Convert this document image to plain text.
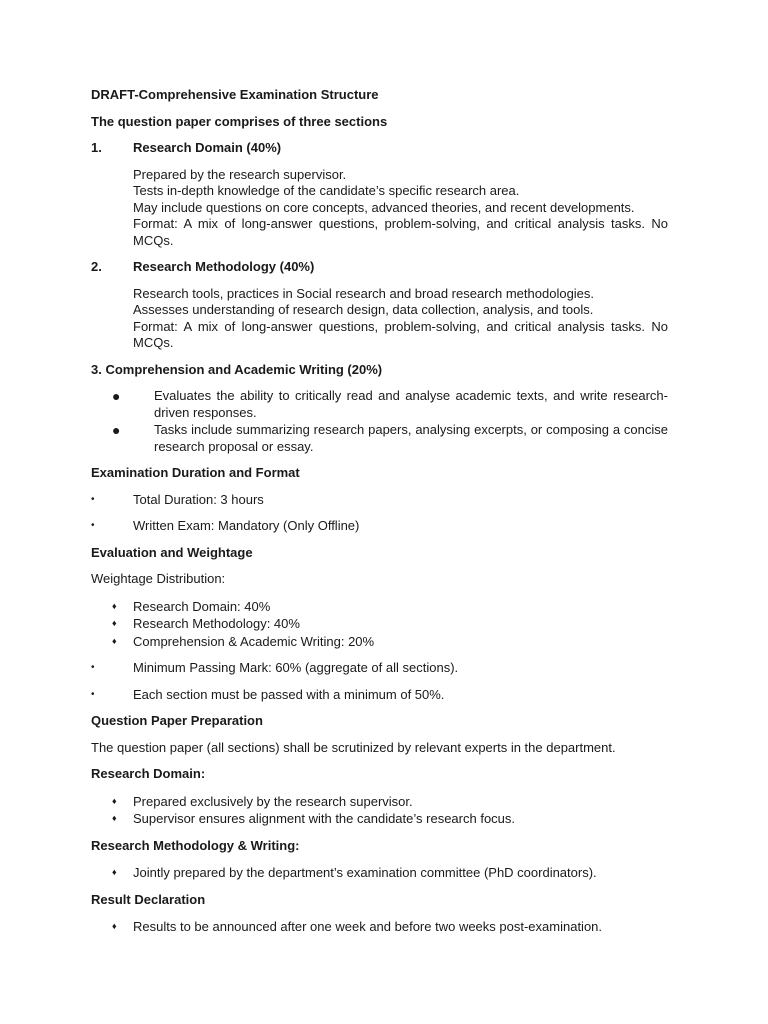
DRAFT-Comprehensive Examination Structure
The question paper comprises of three sections
1.	Research Domain (40%)
Prepared by the research supervisor.
Tests in-depth knowledge of the candidate’s specific research area.
May include questions on core concepts, advanced theories, and recent developments.
Format: A mix of long-answer questions, problem-solving, and critical analysis tasks. No
MCQs.
2.	Research Methodology (40%)
Research tools, practices in Social research and broad research methodologies.
Assesses understanding of research design, data collection, analysis, and tools.
Format: A mix of long-answer questions, problem-solving, and critical analysis tasks. No
MCQs.
3. Comprehension and Academic Writing (20%)
●	Evaluates the ability to critically read and analyse academic texts, and write research-driven responses.
●	Tasks include summarizing research papers, analysing excerpts, or composing a concise research proposal or essay.
Examination Duration and Format
•	Total Duration: 3 hours
•	Written Exam: Mandatory (Only Offline)
Evaluation and Weightage
Weightage Distribution:
♦	Research Domain: 40%
♦	Research Methodology: 40%
♦	Comprehension & Academic Writing: 20%
•	Minimum Passing Mark: 60% (aggregate of all sections).
•	Each section must be passed with a minimum of 50%.
Question Paper Preparation
The question paper (all sections) shall be scrutinized by relevant experts in the department.
Research Domain:
♦	Prepared exclusively by the research supervisor.
♦	Supervisor ensures alignment with the candidate’s research focus.
Research Methodology & Writing:
♦	Jointly prepared by the department’s examination committee (PhD coordinators).
Result Declaration
♦	Results to be announced after one week and before two weeks post-examination.
